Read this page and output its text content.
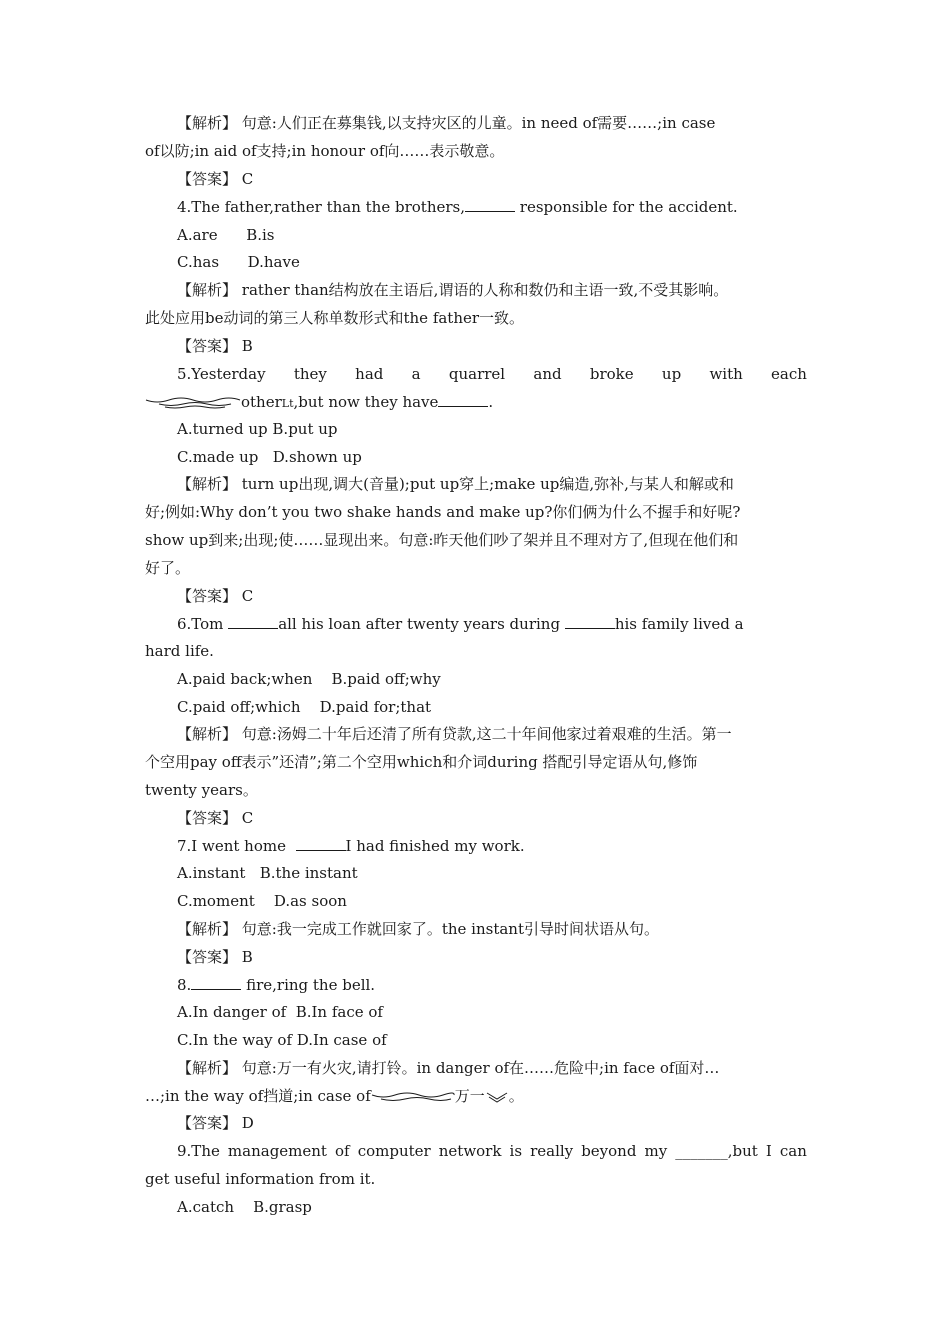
【解析】 句意:人们正在募集钱,以支持灾区的儿童。in need of需要……;in case

of以防;in aid of支持;in honour of向……表示敬意。

【答案】 C

4.The father,rather than the brothers,	responsible for the accident.

A.are      B.is

C.has      D.have

【解析】 rather than结构放在主语后,谓语的人称和数仍和主语一致,不受其影响。

此处应用be动词的第三人称单数形式和the father一致。

【答案】 B

5.Yesterday they had a quarrel and broke up with each

otherLt,but now they have	.

A.turned up B.put up

C.made up   D.shown up

【解析】 turn up出现,调大(音量);put up穿上;make up编造,弥补,与某人和解或和

好;例如:Why don’t you two shake hands and make up?你们俩为什么不握手和好呢?

show up到来;出现;使……显现出来。句意:昨天他们吵了架并且不理对方了,但现在他们和

好了。

【答案】 C

6.Tom	all his loan after twenty years during	his family lived a

hard life.

A.paid back;when    B.paid off;why

C.paid off;which    D.paid for;that

【解析】 句意:汤姆二十年后还清了所有贷款,这二十年间他家过着艰难的生活。第一

个空用pay off表示”还清”;第二个空用which和介词during 搭配引导定语从句,修饰

twenty years。

【答案】 C

7.I went home	I had finished my work.

A.instant   B.the instant

C.moment    D.as soon

【解析】 句意:我一完成工作就回家了。the instant引导时间状语从句。

【答案】 B

8.	fire,ring the bell.

A.In danger of  B.In face of

C.In the way of D.In case of

【解析】 句意:万一有火灾,请打铃。in danger of在……危险中;in face of面对…

…;in the way of挡道;in case of	万一 。

【答案】 D

9.The management of computer network is really beyond my _______,but I can

get useful information from it.

A.catch    B.grasp
